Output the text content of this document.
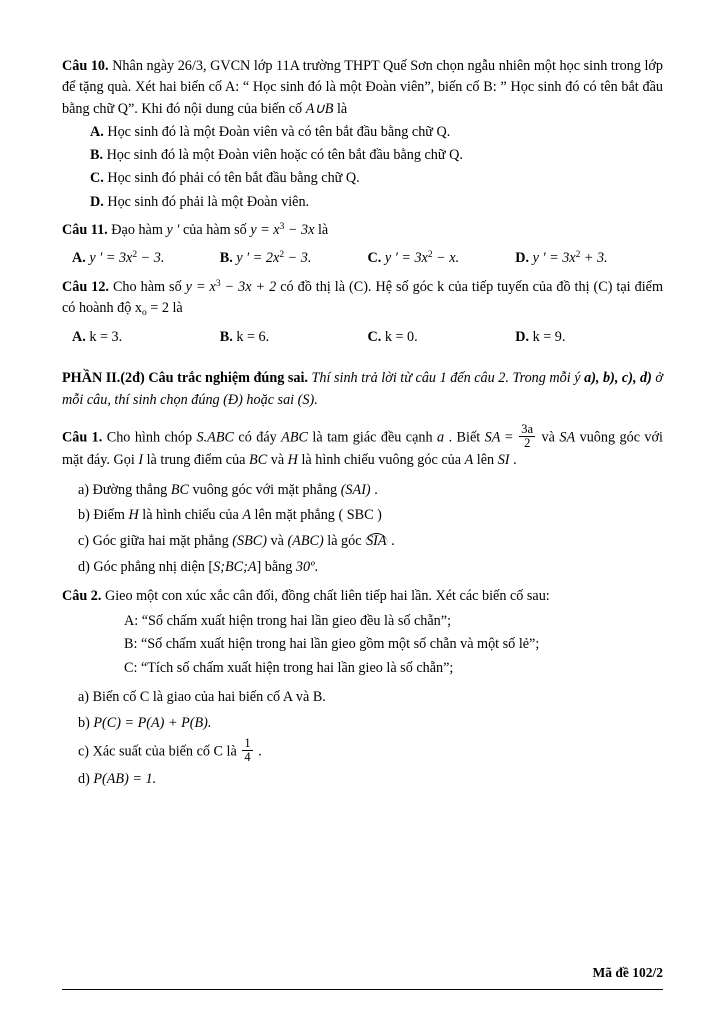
Câu 10. Nhân ngày 26/3, GVCN lớp 11A trường THPT Quế Sơn chọn ngẫu nhiên một học sinh trong lớp để tặng quà. Xét hai biến cố A: “ Học sinh đó là một Đoàn viên”, biến cố B: ” Học sinh đó có tên bắt đầu bằng chữ Q”. Khi đó nội dung của biến cố A∪B là

A. Học sinh đó là một Đoàn viên và có tên bắt đầu bằng chữ Q.

B. Học sinh đó là một Đoàn viên hoặc có tên bắt đầu bằng chữ Q.

C. Học sinh đó phải có tên bắt đầu bằng chữ Q.

D. Học sinh đó phải là một Đoàn viên.

Câu 11. Đạo hàm y ′ của hàm số $y = x^3 - 3x$ là

A. y ′ = $3x^2 - 3$.	B. y ′ = $2x^2 - 3$.	C. y ′ = $3x^2 - x$.	D. y ′ = $3x^2 + 3$.

Câu 12. Cho hàm số $y = x^3 - 3x + 2$ có đồ thị là (C). Hệ số góc k của tiếp tuyến của đồ thị (C) tại điểm có hoành độ $x_o = 2$ là

A. k = 3.	B. k = 6.	C. k = 0.	D. k = 9.

PHẦN II.(2đ) Câu trắc nghiệm đúng sai. Thí sinh trả lời từ câu 1 đến câu 2. Trong mỗi ý a), b), c), d) ở mỗi câu, thí sinh chọn đúng (Đ) hoặc sai (S).

Câu 1. Cho hình chóp S.ABC có đáy ABC là tam giác đều cạnh a . Biết SA = $\frac{3a}{2}$ và SA vuông góc với mặt đáy. Gọi I là trung điểm của BC và H là hình chiếu vuông góc của A lên SI .

a) Đường thẳng BC vuông góc với mặt phẳng (SAI) .

b) Điểm H là hình chiếu của A lên mặt phẳng ( SBC )

c) Góc giữa hai mặt phẳng (SBC) và (ABC) là góc SIA .

d) Góc phẳng nhị diện [S;BC;A] bằng 30º.

Câu 2. Gieo một con xúc xắc cân đối, đồng chất liên tiếp hai lần. Xét các biến cố sau:

A: “Số chấm xuất hiện trong hai lần gieo đều là số chẵn”;

B: “Số chấm xuất hiện trong hai lần gieo gồm một số chẵn và một số lẻ”;

C: “Tích số chấm xuất hiện trong hai lần gieo là số chẵn”;

a) Biến cố C là giao của hai biến cố A và B.

b) P(C) = P(A) + P(B).

c) Xác suất của biến cố C là $\frac{1}{4}$ .

d) P(AB) = 1.

Mã đề 102/2
